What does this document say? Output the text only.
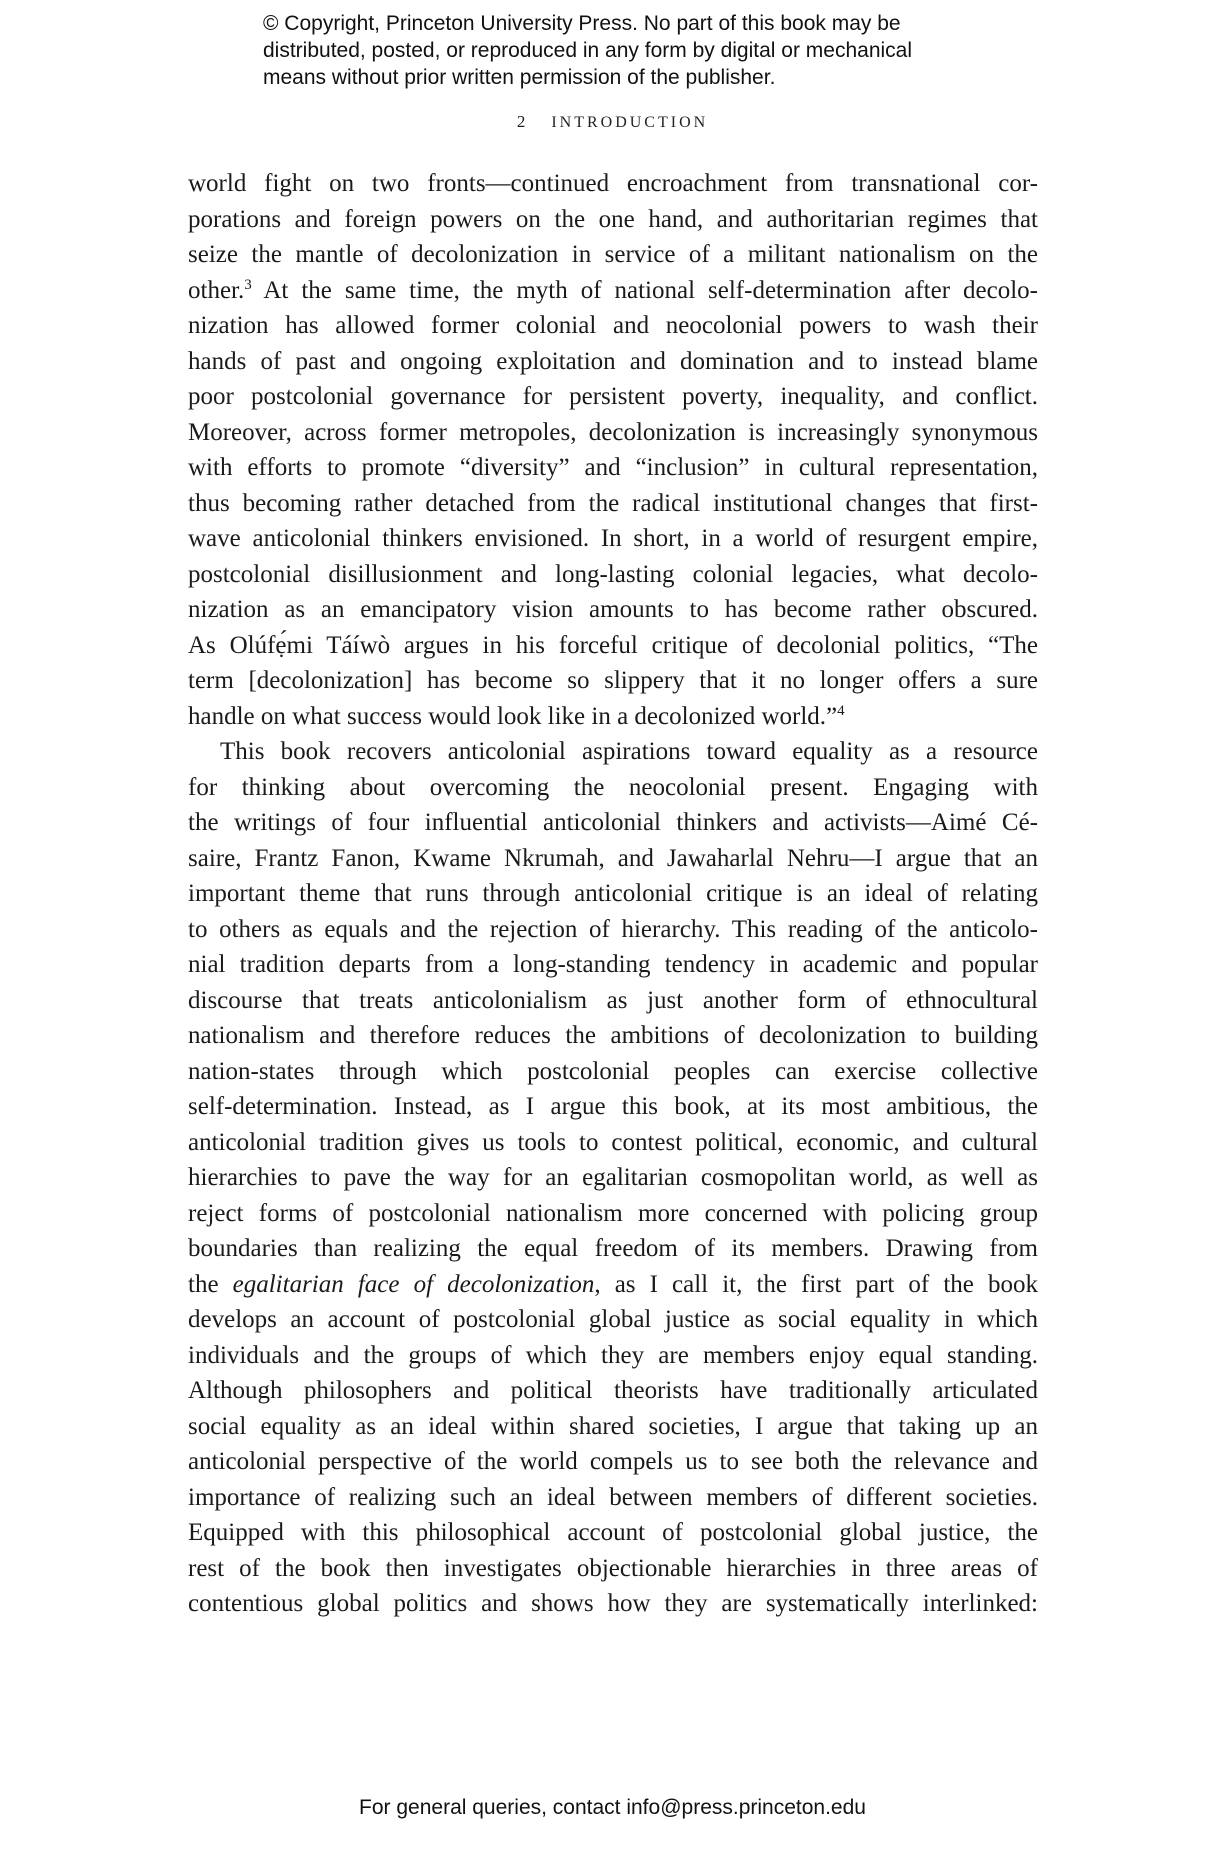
© Copyright, Princeton University Press. No part of this book may be
distributed, posted, or reproduced in any form by digital or mechanical
means without prior written permission of the publisher.
2 INTRODUCTION
world fight on two fronts—continued encroachment from transnational cor-
porations and foreign powers on the one hand, and authoritarian regimes that
seize the mantle of decolonization in service of a militant nationalism on the
other.$^3$ At the same time, the myth of national self-determination after decolo-
nization has allowed former colonial and neocolonial powers to wash their
hands of past and ongoing exploitation and domination and to instead blame
poor postcolonial governance for persistent poverty, inequality, and conflict.
Moreover, across former metropoles, decolonization is increasingly synonymous
with efforts to promote “diversity” and “inclusion” in cultural representation,
thus becoming rather detached from the radical institutional changes that first-
wave anticolonial thinkers envisioned. In short, in a world of resurgent empire,
postcolonial disillusionment and long-lasting colonial legacies, what decolo-
nization as an emancipatory vision amounts to has become rather obscured.
As Olúfẹ́mi Táíwò argues in his forceful critique of decolonial politics, “The
term [decolonization] has become so slippery that it no longer offers a sure
handle on what success would look like in a decolonized world.”$^4$
This book recovers anticolonial aspirations toward equality as a resource
for thinking about overcoming the neocolonial present. Engaging with
the writings of four influential anticolonial thinkers and activists—Aimé Cé-
saire, Frantz Fanon, Kwame Nkrumah, and Jawaharlal Nehru—I argue that an
important theme that runs through anticolonial critique is an ideal of relating
to others as equals and the rejection of hierarchy. This reading of the anticolo-
nial tradition departs from a long-standing tendency in academic and popular
discourse that treats anticolonialism as just another form of ethnocultural
nationalism and therefore reduces the ambitions of decolonization to building
nation-states through which postcolonial peoples can exercise collective
self-determination. Instead, as I argue this book, at its most ambitious, the
anticolonial tradition gives us tools to contest political, economic, and cultural
hierarchies to pave the way for an egalitarian cosmopolitan world, as well as
reject forms of postcolonial nationalism more concerned with policing group
boundaries than realizing the equal freedom of its members. Drawing from
the egalitarian face of decolonization, as I call it, the first part of the book
develops an account of postcolonial global justice as social equality in which
individuals and the groups of which they are members enjoy equal standing.
Although philosophers and political theorists have traditionally articulated
social equality as an ideal within shared societies, I argue that taking up an
anticolonial perspective of the world compels us to see both the relevance and
importance of realizing such an ideal between members of different societies.
Equipped with this philosophical account of postcolonial global justice, the
rest of the book then investigates objectionable hierarchies in three areas of
contentious global politics and shows how they are systematically interlinked:
For general queries, contact info@press.princeton.edu
